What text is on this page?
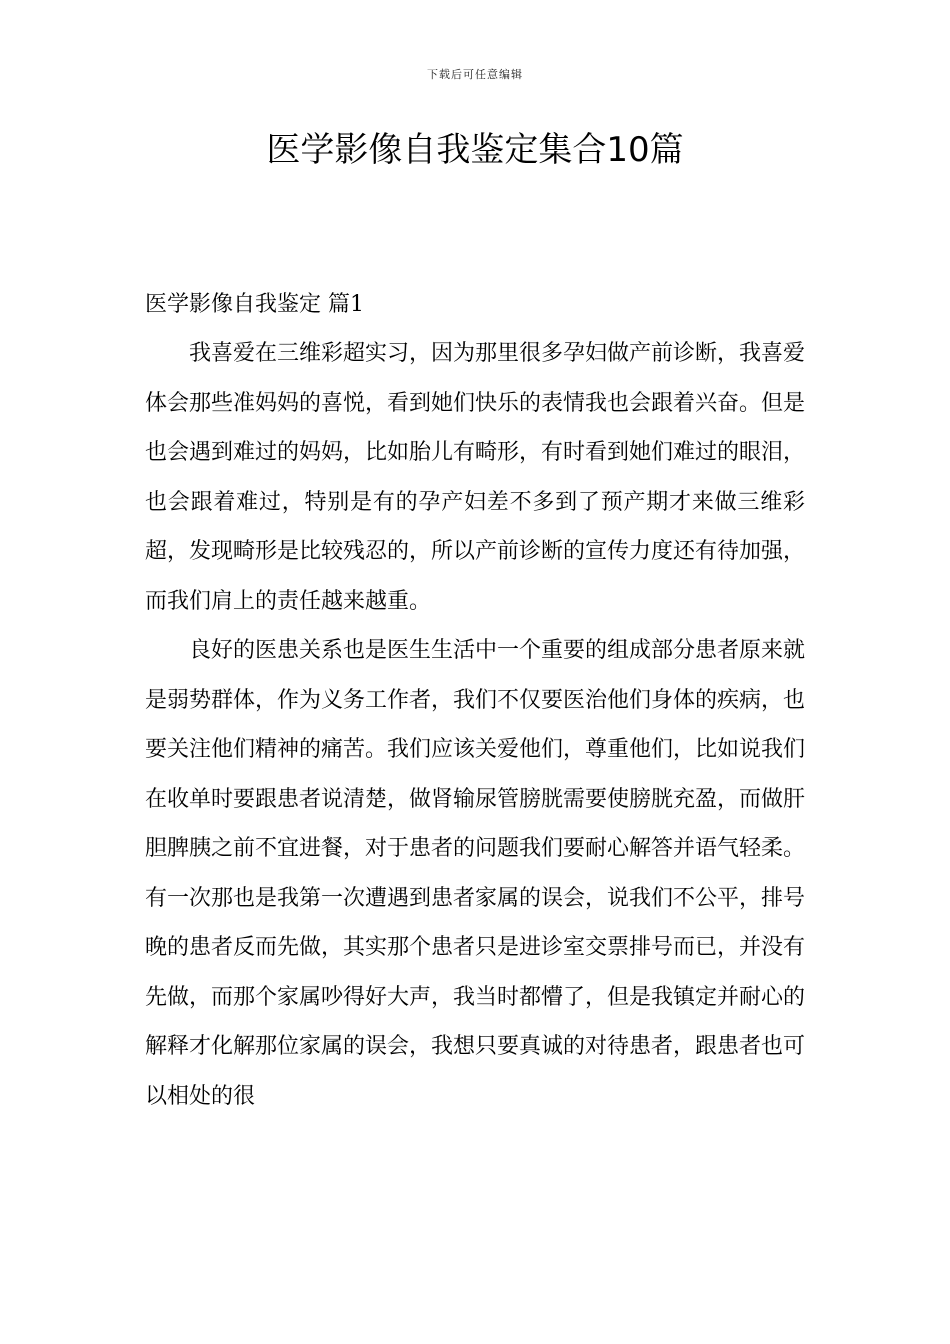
下载后可任意编辑
医学影像自我鉴定集合10篇
医学影像自我鉴定 篇1

我喜爱在三维彩超实习，因为那里很多孕妇做产前诊断，我喜爱体会那些准妈妈的喜悦，看到她们快乐的表情我也会跟着兴奋。但是也会遇到难过的妈妈，比如胎儿有畸形，有时看到她们难过的眼泪，也会跟着难过，特别是有的孕产妇差不多到了预产期才来做三维彩超，发现畸形是比较残忍的，所以产前诊断的宣传力度还有待加强，而我们肩上的责任越来越重。

良好的医患关系也是医生生活中一个重要的组成部分患者原来就是弱势群体，作为义务工作者，我们不仅要医治他们身体的疾病，也要关注他们精神的痛苦。我们应该关爱他们，尊重他们，比如说我们在收单时要跟患者说清楚，做肾输尿管膀胱需要使膀胱充盈，而做肝胆脾胰之前不宜进餐，对于患者的问题我们要耐心解答并语气轻柔。有一次那也是我第一次遭遇到患者家属的误会，说我们不公平，排号晚的患者反而先做，其实那个患者只是进诊室交票排号而已，并没有先做，而那个家属吵得好大声，我当时都懵了，但是我镇定并耐心的解释才化解那位家属的误会，我想只要真诚的对待患者，跟患者也可以相处的很
